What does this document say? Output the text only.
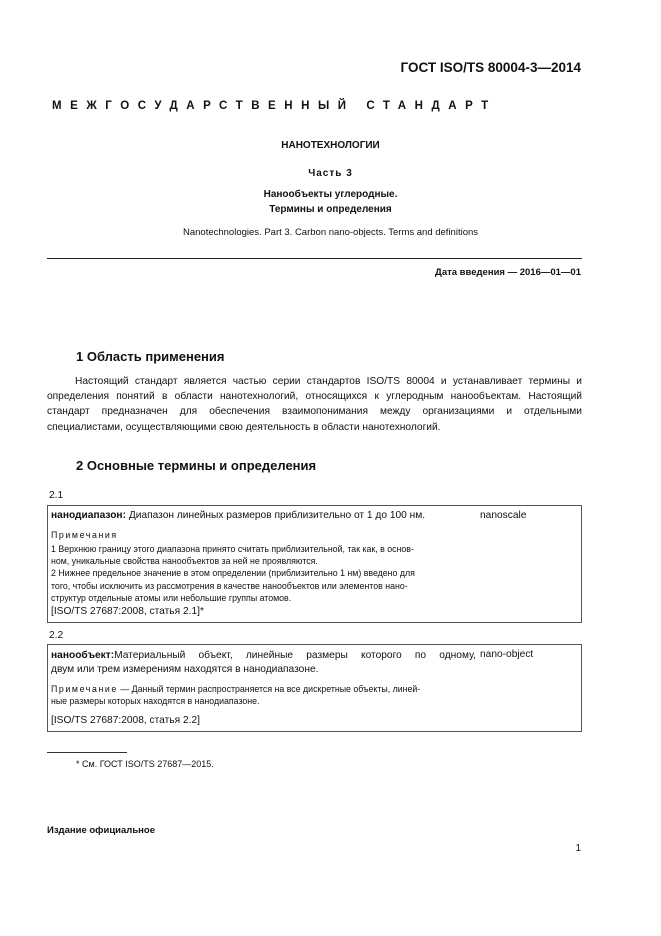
ГОСТ ISO/TS 80004-3—2014
МЕЖГОСУДАРСТВЕННЫЙ СТАНДАРТ
НАНОТЕХНОЛОГИИ
Часть 3
Нанообъекты углеродные.
Термины и определения
Nanotechnologies. Part 3. Carbon nano-objects. Terms and definitions
Дата введения — 2016—01—01
1 Область применения
Настоящий стандарт является частью серии стандартов ISO/TS 80004 и устанавливает термины и определения понятий в области нанотехнологий, относящихся к углеродным нанообъектам. Настоящий стандарт предназначен для обеспечения взаимопонимания между организациями и отдельными специалистами, осуществляющими свою деятельность в области нанотехнологий.
2 Основные термины и определения
2.1
нанодиапазон: Диапазон линейных размеров приблизительно от 1 до 100 нм.	nanoscale
Примечания
1 Верхнюю границу этого диапазона принято считать приблизительной, так как, в основ-
ном, уникальные свойства нанообъектов за ней не проявляются.
2 Нижнее предельное значение в этом определении (приблизительно 1 нм) введено для
того, чтобы исключить из рассмотрения в качестве нанообъектов или элементов нано-
структур отдельные атомы или небольшие группы атомов.
[ISO/TS 27687:2008, статья 2.1]*
2.2
нанообъект: Материальный объект, линейные размеры которого по одному,
двум или трем измерениям находятся в нанодиапазоне.
nano-object
Примечание — Данный термин распространяется на все дискретные объекты, линей-
ные размеры которых находятся в нанодиапазоне.
[ISO/TS 27687:2008, статья 2.2]
* См. ГОСТ ISO/TS 27687—2015.
Издание официальное
1
